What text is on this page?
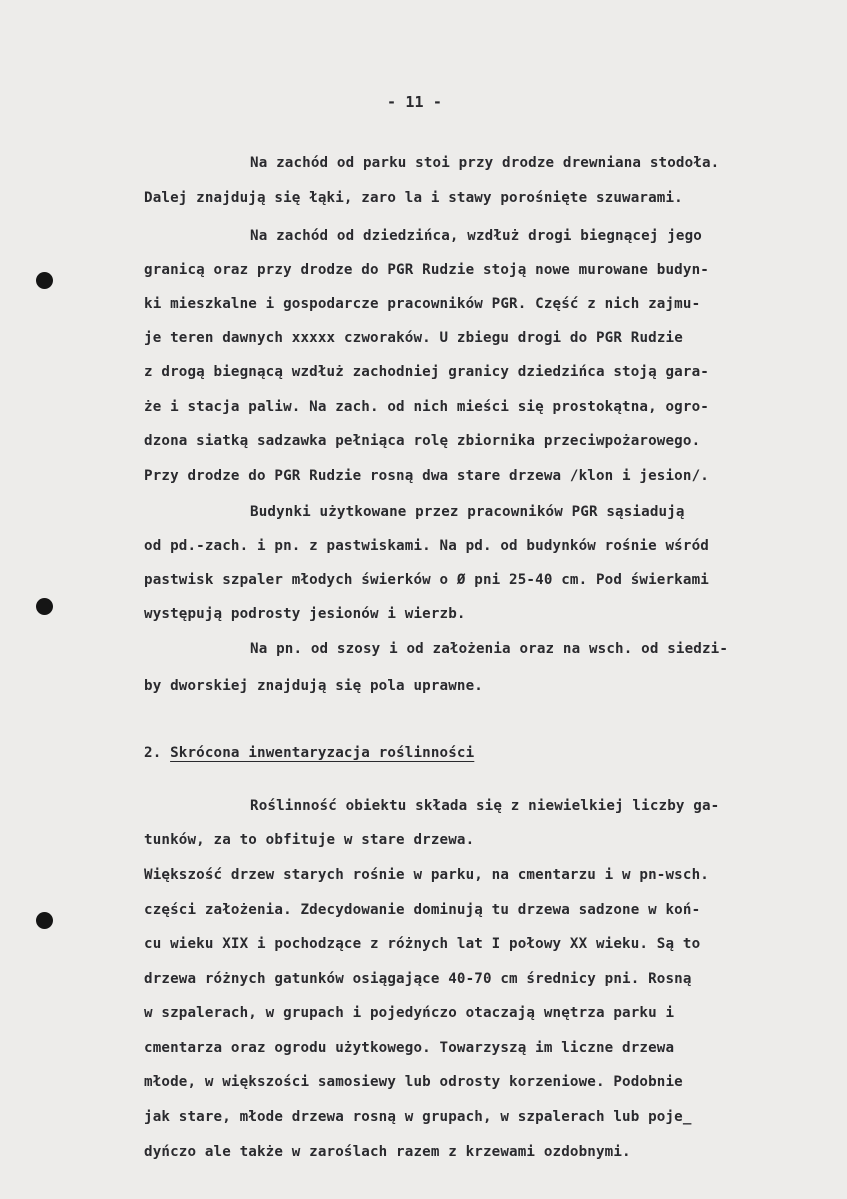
- 11 -
Na zachód od parku stoi przy drodze drewniana stodoła.
Dalej znajdują się łąki, zaro la i stawy porośnięte szuwarami.
Na zachód od dziedzińca, wzdłuż drogi biegnącej jego
granicą oraz przy drodze do PGR Rudzie stoją nowe murowane budyn-
ki mieszkalne i gospodarcze pracowników PGR. Część z nich zajmu-
je teren dawnych xxxxx czworaków. U zbiegu drogi do PGR Rudzie
z drogą biegnącą wzdłuż zachodniej granicy dziedzińca stoją gara-
że i stacja paliw. Na zach. od nich mieści się prostokątna, ogro-
dzona siatką sadzawka pełniąca rolę zbiornika przeciwpożarowego.
Przy drodze do PGR Rudzie rosną dwa stare drzewa /klon i jesion/.
Budynki użytkowane przez pracowników PGR sąsiadują
od pd.-zach. i pn. z pastwiskami. Na pd. od budynków rośnie wśród
pastwisk szpaler młodych świerków o Ø pni 25-40 cm. Pod świerkami
występują podrosty jesionów i wierzb.
Na pn. od szosy i od założenia oraz na wsch. od siedzi-
by dworskiej znajdują się pola uprawne.
2. Skrócona inwentaryzacja roślinności
Roślinność obiektu składa się z niewielkiej liczby ga-
tunków, za to obfituje w stare drzewa.
Większość drzew starych rośnie w parku, na cmentarzu i w pn-wsch.
części założenia. Zdecydowanie dominują tu drzewa sadzone w koń-
cu wieku XIX i pochodzące z różnych lat I połowy XX wieku. Są to
drzewa różnych gatunków osiągające 40-70 cm średnicy pni. Rosną
w szpalerach, w grupach i pojedyńczo otaczają wnętrza parku i
cmentarza oraz ogrodu użytkowego. Towarzyszą im liczne drzewa
młode, w większości samosiewy lub odrosty korzeniowe. Podobnie
jak stare, młode drzewa rosną w grupach, w szpalerach lub poje_
dyńczo ale także w zaroślach razem z krzewami ozdobnymi.
